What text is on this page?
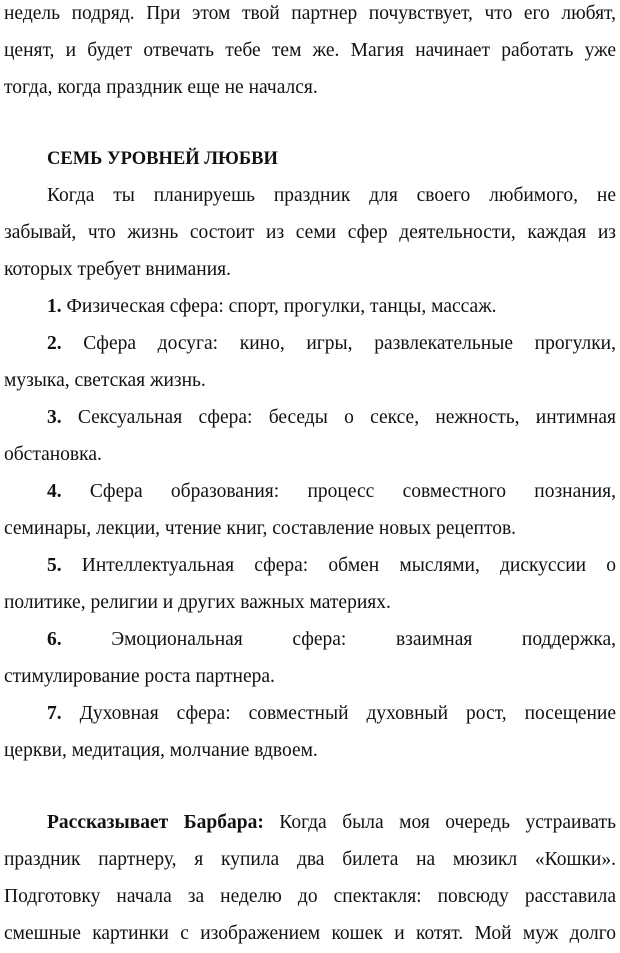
недель подряд. При этом твой партнер почувствует, что его любят,
ценят, и будет отвечать тебе тем же. Магия начинает работать уже
тогда, когда праздник еще не начался.
СЕМЬ УРОВНЕЙ ЛЮБВИ
Когда ты планируешь праздник для своего любимого, не
забывай, что жизнь состоит из семи сфер деятельности, каждая из
которых требует внимания.
1. Физическая сфера: спорт, прогулки, танцы, массаж.
2. Сфера досуга: кино, игры, развлекательные прогулки,
музыка, светская жизнь.
3. Сексуальная сфера: беседы о сексе, нежность, интимная
обстановка.
4. Сфера образования: процесс совместного познания,
семинары, лекции, чтение книг, составление новых рецептов.
5. Интеллектуальная сфера: обмен мыслями, дискуссии о
политике, религии и других важных материях.
6. Эмоциональная сфера: взаимная поддержка,
стимулирование роста партнера.
7. Духовная сфера: совместный духовный рост, посещение
церкви, медитация, молчание вдвоем.
Рассказывает Барбара: Когда была моя очередь устраивать
праздник партнеру, я купила два билета на мюзикл «Кошки».
Подготовку начала за неделю до спектакля: повсюду расставила
смешные картинки с изображением кошек и котят. Мой муж долго
